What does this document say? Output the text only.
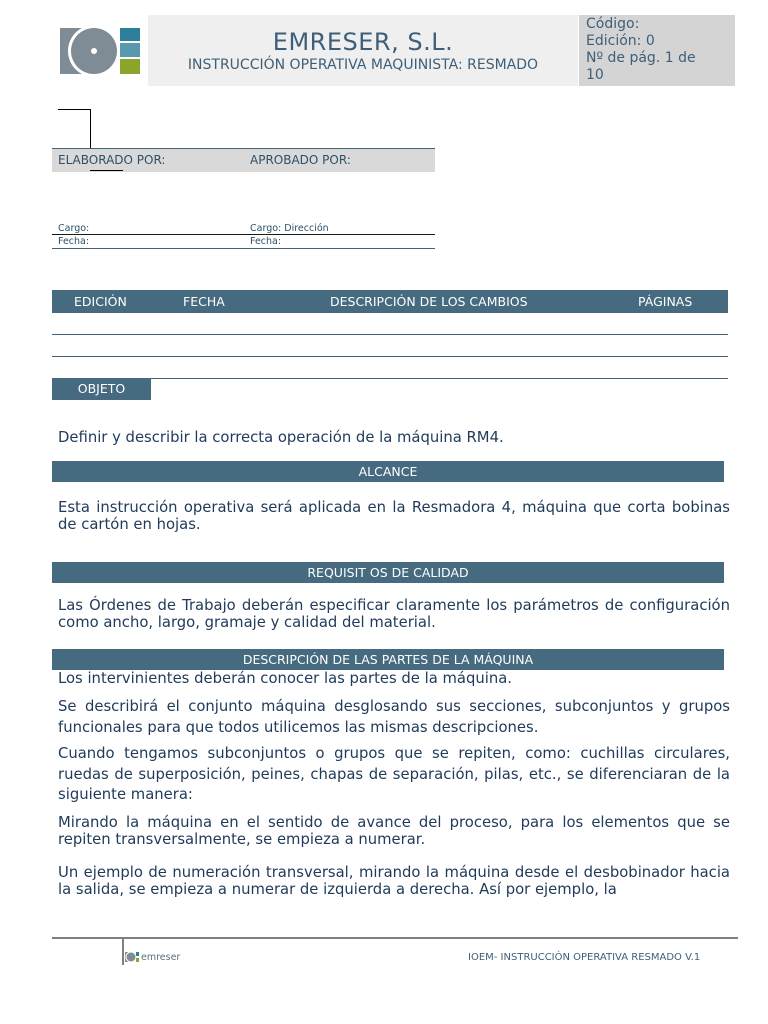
EMRESER, S.L.
INSTRUCCIÓN OPERATIVA MAQUINISTA: RESMADO
Código:
Edición: 0
Nº de pág. 1 de
10
ELABORADO POR:	APROBADO POR:
Cargo:	Cargo: Dirección
Fecha:	Fecha:
EDICIÓN	FECHA	DESCRIPCIÓN DE LOS CAMBIOS	PÁGINAS
OBJETO
Definir y describir la correcta operación de la máquina RM4.
ALCANCE
Esta instrucción operativa será aplicada en la Resmadora 4, máquina que corta bobinas de cartón en hojas.
REQUISIT OS DE CALIDAD
Las Órdenes de Trabajo deberán especificar claramente los parámetros de configuración como ancho, largo, gramaje y calidad del material.
DESCRIPCIÓN DE LAS PARTES DE LA MÁQUINA
Los intervinientes deberán conocer las partes de la máquina.
Se describirá el conjunto máquina desglosando sus secciones, subconjuntos y grupos funcionales para que todos utilicemos las mismas descripciones.
Cuando tengamos subconjuntos o grupos que se repiten, como: cuchillas circulares, ruedas de superposición, peines, chapas de separación, pilas, etc., se diferenciaran de la siguiente manera:
Mirando la máquina en el sentido de avance del proceso, para los elementos que se repiten transversalmente, se empieza a numerar.
Un ejemplo de numeración transversal, mirando la máquina desde el desbobinador hacia la salida, se empieza a numerar de izquierda a derecha. Así por ejemplo, la
emreser	IOEM- INSTRUCCIÓN OPERATIVA RESMADO V.1
